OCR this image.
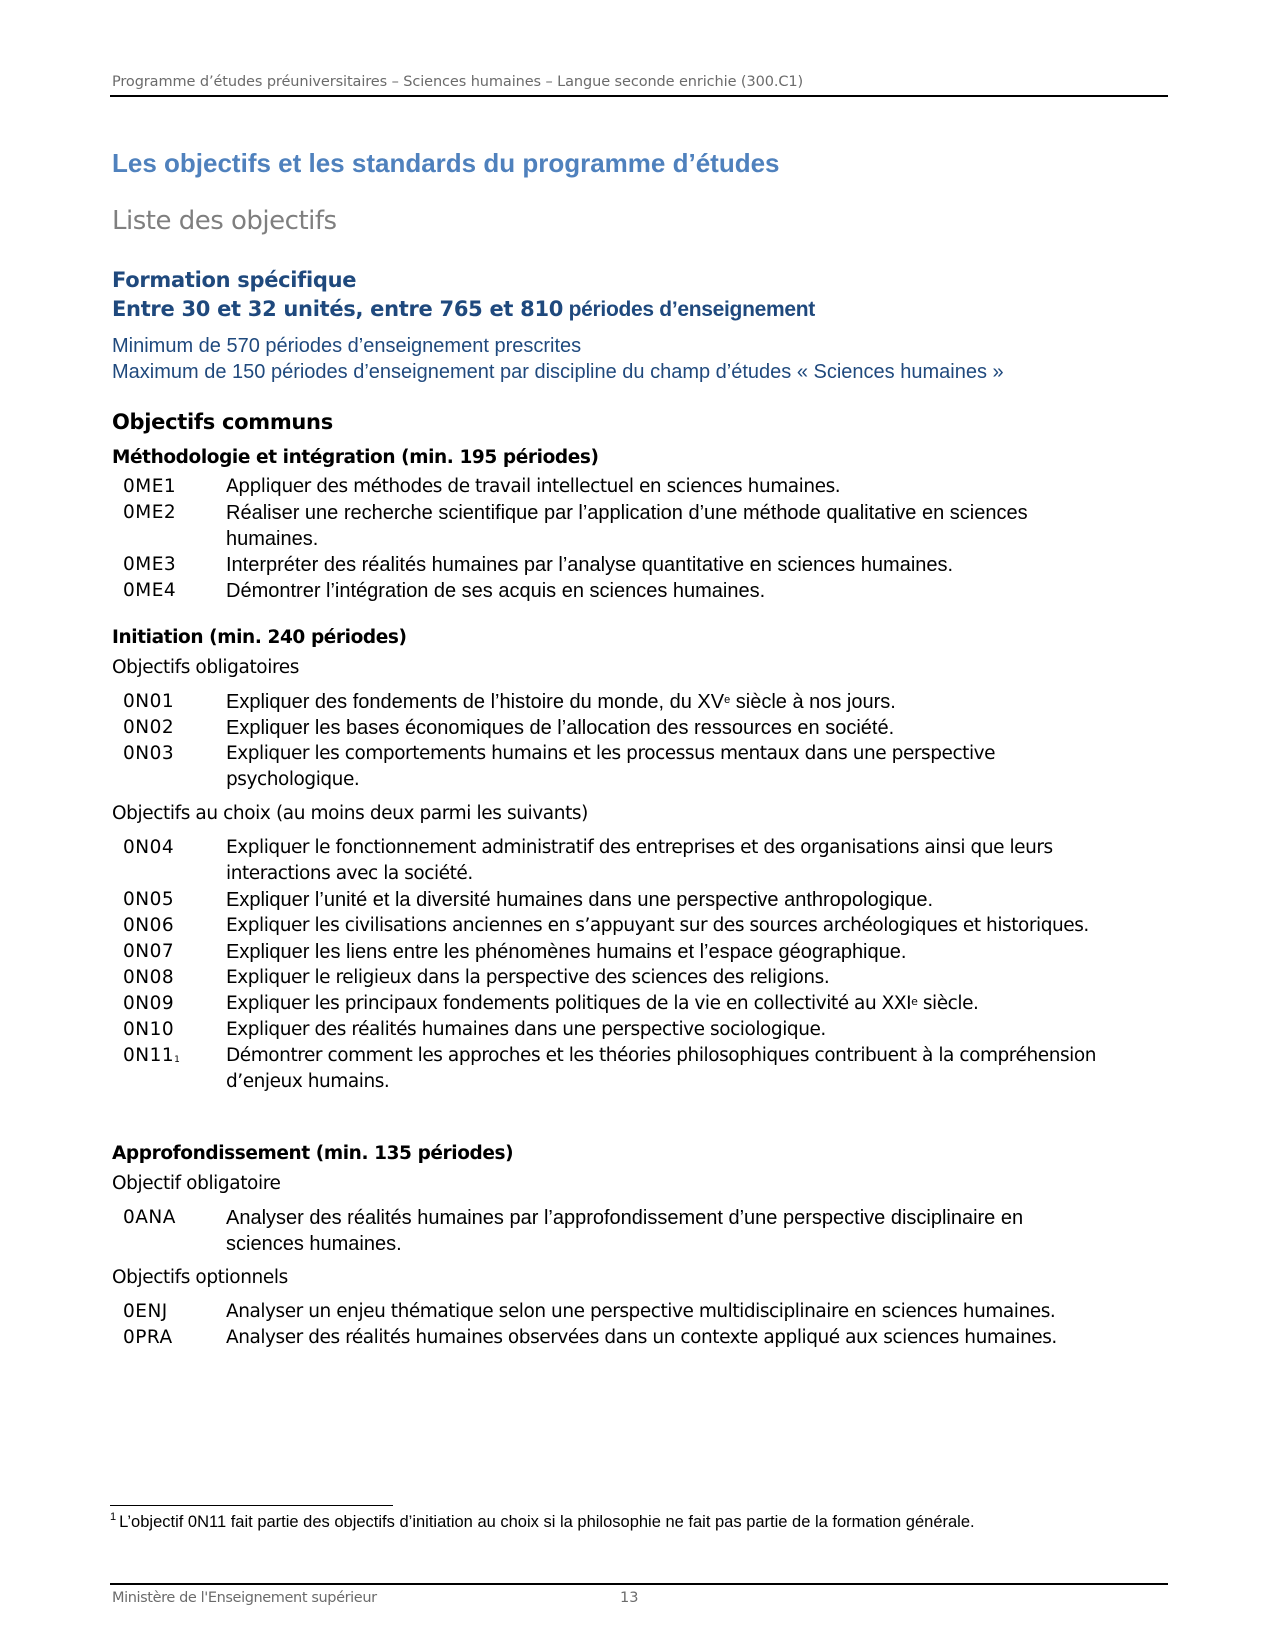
Programme d’études préuniversitaires – Sciences humaines – Langue seconde enrichie (300.C1)
Les objectifs et les standards du programme d’études
Liste des objectifs
Formation spécifique
Entre 30 et 32 unités, entre 765 et 810 périodes d’enseignement
Minimum de 570 périodes d’enseignement prescrites
Maximum de 150 périodes d’enseignement par discipline du champ d’études « Sciences humaines »
Objectifs communs
Méthodologie et intégration (min. 195 périodes)
0ME1	Appliquer des méthodes de travail intellectuel en sciences humaines.
0ME2	Réaliser une recherche scientifique par l’application d’une méthode qualitative en sciences humaines.
0ME3	Interpréter des réalités humaines par l’analyse quantitative en sciences humaines.
0ME4	Démontrer l’intégration de ses acquis en sciences humaines.
Initiation (min. 240 périodes)
Objectifs obligatoires
0N01	Expliquer des fondements de l’histoire du monde, du XVe siècle à nos jours.
0N02	Expliquer les bases économiques de l’allocation des ressources en société.
0N03	Expliquer les comportements humains et les processus mentaux dans une perspective psychologique.
Objectifs au choix (au moins deux parmi les suivants)
0N04	Expliquer le fonctionnement administratif des entreprises et des organisations ainsi que leurs interactions avec la société.
0N05	Expliquer l’unité et la diversité humaines dans une perspective anthropologique.
0N06	Expliquer les civilisations anciennes en s’appuyant sur des sources archéologiques et historiques.
0N07	Expliquer les liens entre les phénomènes humains et l’espace géographique.
0N08	Expliquer le religieux dans la perspective des sciences des religions.
0N09	Expliquer les principaux fondements politiques de la vie en collectivité au XXIe siècle.
0N10	Expliquer des réalités humaines dans une perspective sociologique.
$0N11^1$	Démontrer comment les approches et les théories philosophiques contribuent à la compréhension d’enjeux humains.
Approfondissement (min. 135 périodes)
Objectif obligatoire
0ANA	Analyser des réalités humaines par l’approfondissement d’une perspective disciplinaire en sciences humaines.
Objectifs optionnels
0ENJ	Analyser un enjeu thématique selon une perspective multidisciplinaire en sciences humaines.
0PRA	Analyser des réalités humaines observées dans un contexte appliqué aux sciences humaines.
$^1$ L’objectif 0N11 fait partie des objectifs d’initiation au choix si la philosophie ne fait pas partie de la formation générale.
Ministère de l'Enseignement supérieur	13
